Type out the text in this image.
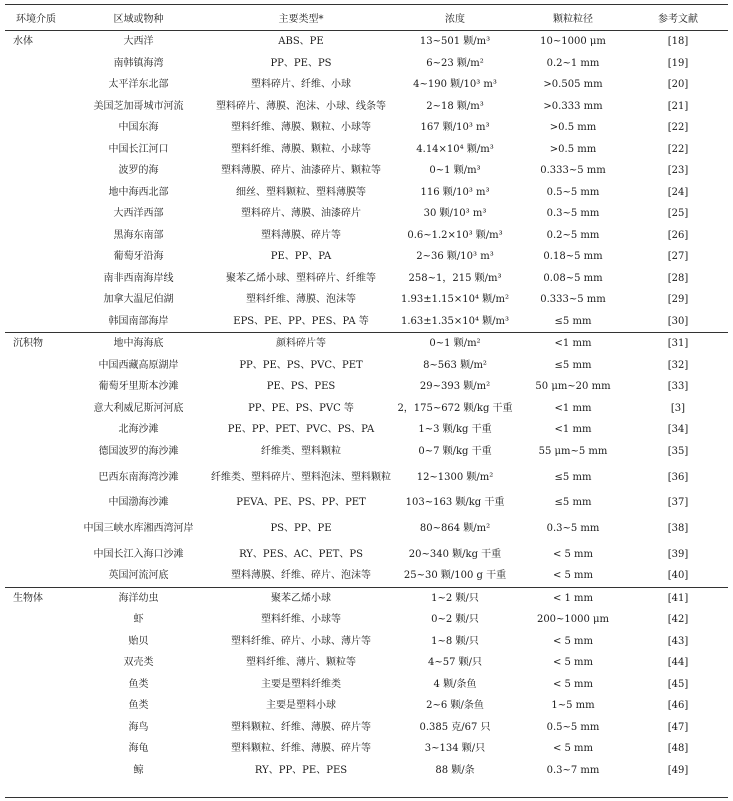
环境介质	区域或物种	主要类型*	浓度	颗粒粒径	参考文献
水体	大西洋	ABS、PE	13~501 颗/m³	10~1000 μm	[18]
	南韩镇海湾	PP、PE、PS	6~23 颗/m²	0.2~1 mm	[19]
	太平洋东北部	塑料碎片、纤维、小球	4~190 颗/10³ m³	>0.505 mm	[20]
	美国芝加哥城市河流	塑料碎片、薄膜、泡沫、小球、线条等	2~18 颗/m³	>0.333 mm	[21]
	中国东海	塑料纤维、薄膜、颗粒、小球等	167 颗/10³ m³	>0.5 mm	[22]
	中国长江河口	塑料纤维、薄膜、颗粒、小球等	4.14×10⁴ 颗/m³	>0.5 mm	[22]
	波罗的海	塑料薄膜、碎片、油漆碎片、颗粒等	0~1 颗/m³	0.333~5 mm	[23]
	地中海西北部	细丝、塑料颗粒、塑料薄膜等	116 颗/10³ m³	0.5~5 mm	[24]
	大西洋西部	塑料碎片、薄膜、油漆碎片	30 颗/10³ m³	0.3~5 mm	[25]
	黑海东南部	塑料薄膜、碎片等	0.6~1.2×10³ 颗/m³	0.2~5 mm	[26]
	葡萄牙沿海	PE、PP、PA	2~36 颗/10³ m³	0.18~5 mm	[27]
	南非西南海岸线	聚苯乙烯小球、塑料碎片、纤维等	258~1，215 颗/m³	0.08~5 mm	[28]
	加拿大温尼伯湖	塑料纤维、薄膜、泡沫等	1.93±1.15×10⁴ 颗/m²	0.333~5 mm	[29]
	韩国南部海岸	EPS、PE、PP、PES、PA 等	1.63±1.35×10⁴ 颗/m³	≤5 mm	[30]
沉积物	地中海海底	颜料碎片等	0~1 颗/m²	<1 mm	[31]
	中国西藏高原湖岸	PP、PE、PS、PVC、PET	8~563 颗/m²	≤5 mm	[32]
	葡萄牙里斯本沙滩	PE、PS、PES	29~393 颗/m²	50 μm~20 mm	[33]
	意大利威尼斯河河底	PP、PE、PS、PVC 等	2，175~672 颗/kg 干重	<1 mm	[3]
	北海沙滩	PE、PP、PET、PVC、PS、PA	1~3 颗/kg 干重	<1 mm	[34]
	德国波罗的海沙滩	纤维类、塑料颗粒	0~7 颗/kg 干重	55 μm~5 mm	[35]
	巴西东南海湾沙滩	纤维类、塑料碎片、塑料泡沫、塑料颗粒	12~1300 颗/m²	≤5 mm	[36]
	中国渤海沙滩	PEVA、PE、PS、PP、PET	103~163 颗/kg 干重	≤5 mm	[37]
	中国三峡水库湘西湾河岸	PS、PP、PE	80~864 颗/m²	0.3~5 mm	[38]
	中国长江入海口沙滩	RY、PES、AC、PET、PS	20~340 颗/kg 干重	< 5 mm	[39]
	英国河流河底	塑料薄膜、纤维、碎片、泡沫等	25~30 颗/100 g 干重	< 5 mm	[40]
生物体	海洋幼虫	聚苯乙烯小球	1~2 颗/只	< 1 mm	[41]
	虾	塑料纤维、小球等	0~2 颗/只	200~1000 μm	[42]
	贻贝	塑料纤维、碎片、小球、薄片等	1~8 颗/只	< 5 mm	[43]
	双壳类	塑料纤维、薄片、颗粒等	4~57 颗/只	< 5 mm	[44]
	鱼类	主要是塑料纤维类	4 颗/条鱼	< 5 mm	[45]
	鱼类	主要是塑料小球	2~6 颗/条鱼	1~5 mm	[46]
	海鸟	塑料颗粒、纤维、薄膜、碎片等	0.385 克/67 只	0.5~5 mm	[47]
	海龟	塑料颗粒、纤维、薄膜、碎片等	3~134 颗/只	< 5 mm	[48]
	鲸	RY、PP、PE、PES	88 颗/条	0.3~7 mm	[49]
